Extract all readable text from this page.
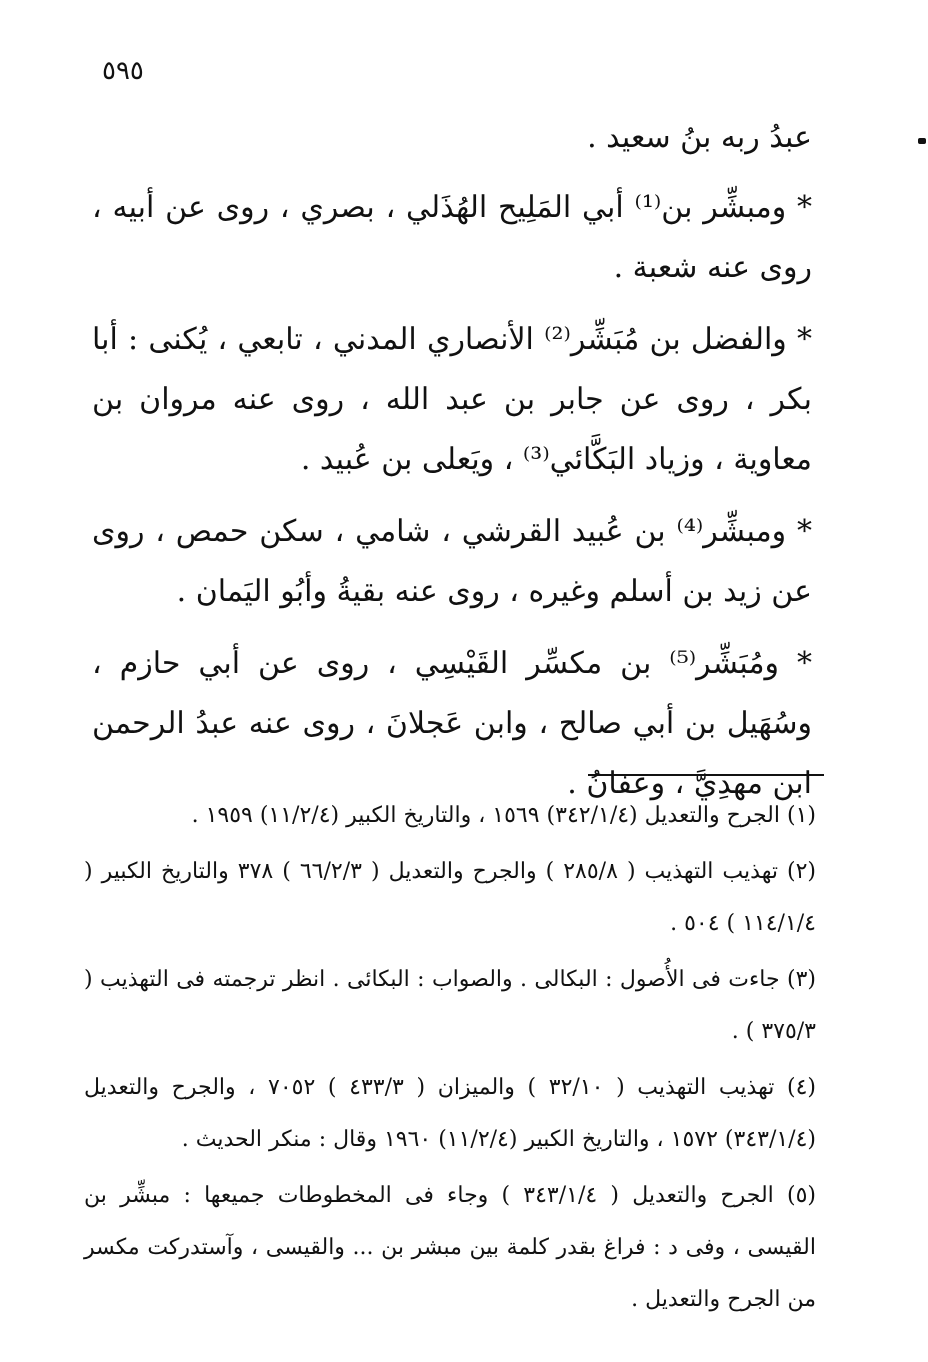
٥٩٥

عبدُ ربه بنُ سعيد .

* ومبشِّر بن⁽¹⁾ أبي المَلِيح الهُذَلي ، بصري ، روى عن أبيه ، روى عنه شعبة .

* والفضل بن مُبَشِّر⁽²⁾ الأنصاري المدني ، تابعي ، يُكنى : أبا بكر ، روى عن جابر بن عبد الله ، روى عنه مروان بن معاوية ، وزياد البَكَّائي⁽³⁾ ، ويَعلى بن عُبيد .

* ومبشِّر⁽⁴⁾ بن عُبيد القرشي ، شامي ، سكن حمص ، روى عن زيد بن أسلم وغيره ، روى عنه بقيةُ وأبُو اليَمان .

* ومُبَشِّر⁽⁵⁾ بن مكسِّر القَيْسِي ، روى عن أبي حازم ، وسُهَيل بن أبي صالح ، وابن عَجلانَ ، روى عنه عبدُ الرحمن ابن مهدِيَّ ، وعفانُ .

(١) الجرح والتعديل (٣٤٢/١/٤) ١٥٦٩ ، والتاريخ الكبير (١١/٢/٤) ١٩٥٩ .

(٢) تهذيب التهذيب ( ٢٨٥/٨ ) والجرح والتعديل ( ٦٦/٢/٣ ) ٣٧٨ والتاريخ الكبير ( ١١٤/١/٤ ) ٥٠٤ .

(٣) جاءت فى الأُصول : البكالى . والصواب : البكائى . انظر ترجمته فى التهذيب ( ٣٧٥/٣ ) .

(٤) تهذيب التهذيب ( ٣٢/١٠ ) والميزان ( ٤٣٣/٣ ) ٧٠٥٢ ، والجرح والتعديل (٣٤٣/١/٤) ١٥٧٢ ، والتاريخ الكبير (١١/٢/٤) ١٩٦٠ وقال : منكر الحديث .

(٥) الجرح والتعديل ( ٣٤٣/١/٤ ) وجاء فى المخطوطات جميعها : مبشِّر بن القيسى ، وفى د : فراغ بقدر كلمة بين مبشر بن ... والقيسى ، وآستدركت مكسر من الجرح والتعديل .
